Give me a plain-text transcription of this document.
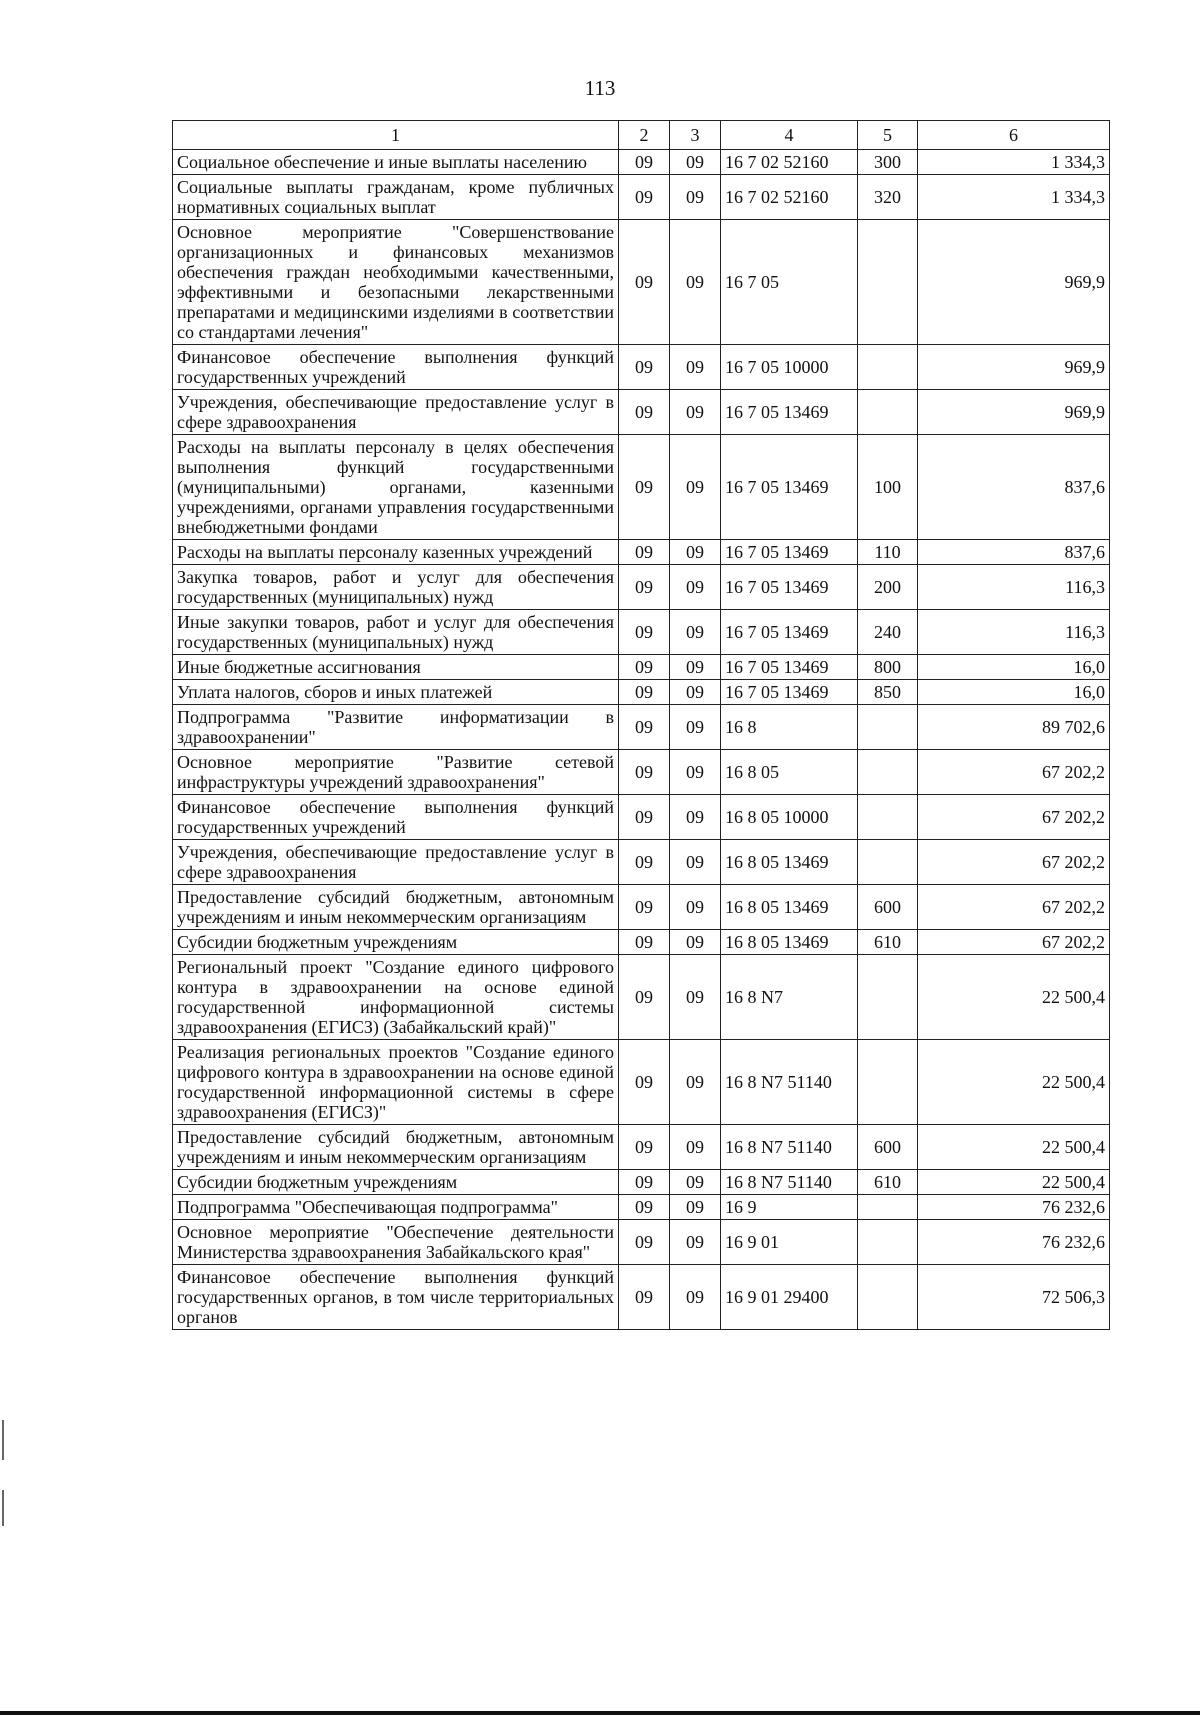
113
1	2	3	4	5	6
Социальное обеспечение и иные выплаты населению	09	09	16 7 02 52160	300	1 334,3
Социальные выплаты гражданам, кроме публичных нормативных социальных выплат	09	09	16 7 02 52160	320	1 334,3
Основное мероприятие "Совершенствование организационных и финансовых механизмов обеспечения граждан необходимыми качественными, эффективными и безопасными лекарственными препаратами и медицинскими изделиями в соответствии со стандартами лечения"	09	09	16 7 05		969,9
Финансовое обеспечение выполнения функций государственных учреждений	09	09	16 7 05 10000		969,9
Учреждения, обеспечивающие предоставление услуг в сфере здравоохранения	09	09	16 7 05 13469		969,9
Расходы на выплаты персоналу в целях обеспечения выполнения функций государственными (муниципальными) органами, казенными учреждениями, органами управления государственными внебюджетными фондами	09	09	16 7 05 13469	100	837,6
Расходы на выплаты персоналу казенных учреждений	09	09	16 7 05 13469	110	837,6
Закупка товаров, работ и услуг для обеспечения государственных (муниципальных) нужд	09	09	16 7 05 13469	200	116,3
Иные закупки товаров, работ и услуг для обеспечения государственных (муниципальных) нужд	09	09	16 7 05 13469	240	116,3
Иные бюджетные ассигнования	09	09	16 7 05 13469	800	16,0
Уплата налогов, сборов и иных платежей	09	09	16 7 05 13469	850	16,0
Подпрограмма "Развитие информатизации в здравоохранении"	09	09	16 8		89 702,6
Основное мероприятие "Развитие сетевой инфраструктуры учреждений здравоохранения"	09	09	16 8 05		67 202,2
Финансовое обеспечение выполнения функций государственных учреждений	09	09	16 8 05 10000		67 202,2
Учреждения, обеспечивающие предоставление услуг в сфере здравоохранения	09	09	16 8 05 13469		67 202,2
Предоставление субсидий бюджетным, автономным учреждениям и иным некоммерческим организациям	09	09	16 8 05 13469	600	67 202,2
Субсидии бюджетным учреждениям	09	09	16 8 05 13469	610	67 202,2
Региональный проект "Создание единого цифрового контура в здравоохранении на основе единой государственной информационной системы здравоохранения (ЕГИСЗ) (Забайкальский край)"	09	09	16 8 N7		22 500,4
Реализация региональных проектов "Создание единого цифрового контура в здравоохранении на основе единой государственной информационной системы в сфере здравоохранения (ЕГИСЗ)"	09	09	16 8 N7 51140		22 500,4
Предоставление субсидий бюджетным, автономным учреждениям и иным некоммерческим организациям	09	09	16 8 N7 51140	600	22 500,4
Субсидии бюджетным учреждениям	09	09	16 8 N7 51140	610	22 500,4
Подпрограмма "Обеспечивающая подпрограмма"	09	09	16 9		76 232,6
Основное мероприятие "Обеспечение деятельности Министерства здравоохранения Забайкальского края"	09	09	16 9 01		76 232,6
Финансовое обеспечение выполнения функций государственных органов, в том числе территориальных органов	09	09	16 9 01 29400		72 506,3
